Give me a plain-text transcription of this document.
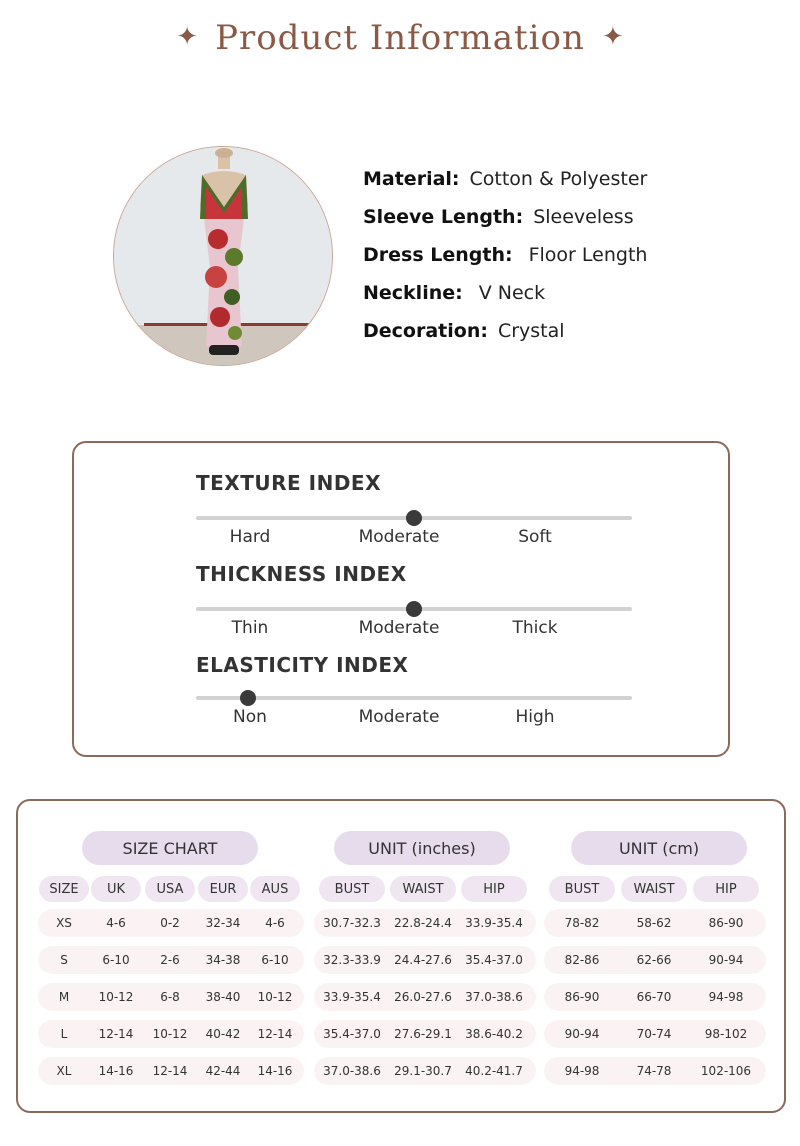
✦ Product Information ✦
Material: Cotton & Polyester
Sleeve Length: Sleeveless
Dress Length: Floor Length
Neckline: V Neck
Decoration: Crystal
TEXTURE INDEX
Hard	Moderate	Soft
THICKNESS INDEX
Thin	Moderate	Thick
ELASTICITY INDEX
Non	Moderate	High
SIZE CHART	UNIT (inches)	UNIT (cm)
SIZE	UK	USA	EUR	AUS	BUST	WAIST	HIP	BUST	WAIST	HIP
XS	4-6	0-2	32-34	4-6	30.7-32.3	22.8-24.4	33.9-35.4	78-82	58-62	86-90
S	6-10	2-6	34-38	6-10	32.3-33.9	24.4-27.6	35.4-37.0	82-86	62-66	90-94
M	10-12	6-8	38-40	10-12	33.9-35.4	26.0-27.6	37.0-38.6	86-90	66-70	94-98
L	12-14	10-12	40-42	12-14	35.4-37.0	27.6-29.1	38.6-40.2	90-94	70-74	98-102
XL	14-16	12-14	42-44	14-16	37.0-38.6	29.1-30.7	40.2-41.7	94-98	74-78	102-106
